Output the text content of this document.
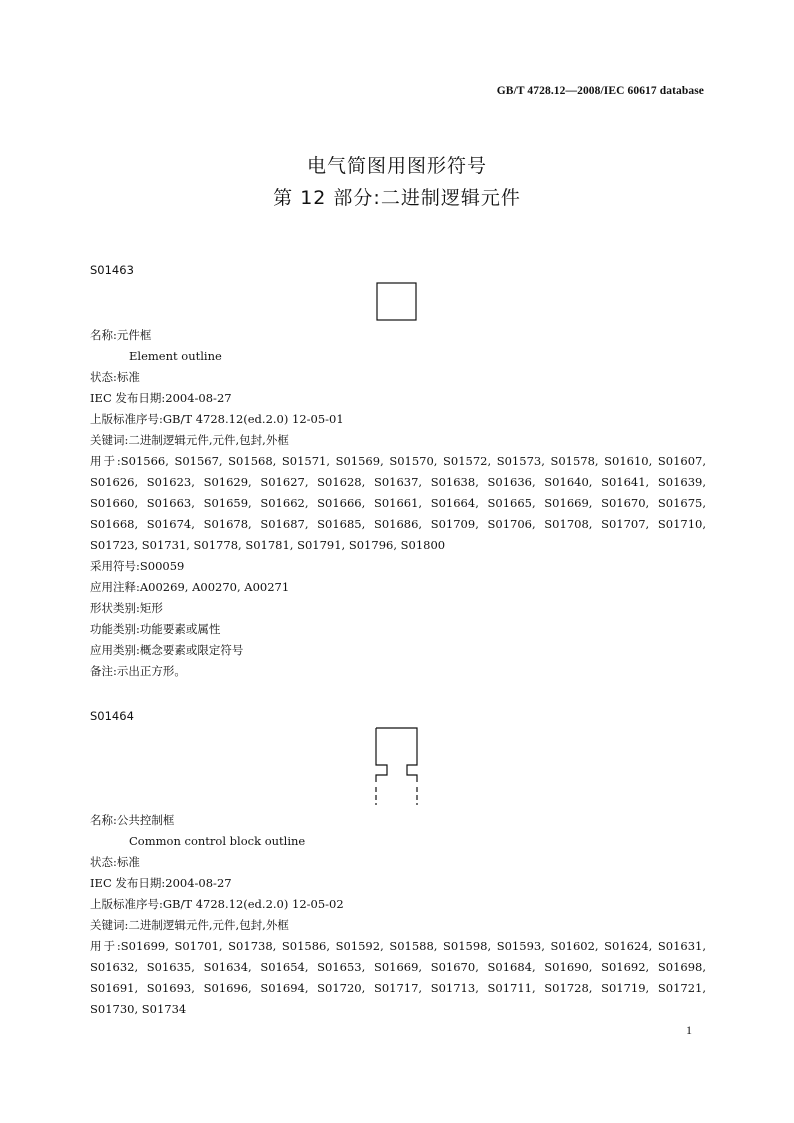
GB/T 4728.12—2008/IEC 60617 database
电气简图用图形符号
第 12 部分:二进制逻辑元件
S01463
名称:元件框
Element outline
状态:标准
IEC 发布日期:2004-08-27
上版标准序号:GB/T 4728.12(ed.2.0) 12-05-01
关键词:二进制逻辑元件,元件,包封,外框
用于:S01566, S01567, S01568, S01571, S01569, S01570, S01572, S01573, S01578, S01610, S01607, S01626, S01623, S01629, S01627, S01628, S01637, S01638, S01636, S01640, S01641, S01639, S01660, S01663, S01659, S01662, S01666, S01661, S01664, S01665, S01669, S01670, S01675, S01668, S01674, S01678, S01687, S01685, S01686, S01709, S01706, S01708, S01707, S01710, S01723, S01731, S01778, S01781, S01791, S01796, S01800
采用符号:S00059
应用注释:A00269, A00270, A00271
形状类别:矩形
功能类别:功能要素或属性
应用类别:概念要素或限定符号
备注:示出正方形。
S01464
名称:公共控制框
Common control block outline
状态:标准
IEC 发布日期:2004-08-27
上版标准序号:GB/T 4728.12(ed.2.0) 12-05-02
关键词:二进制逻辑元件,元件,包封,外框
用于:S01699, S01701, S01738, S01586, S01592, S01588, S01598, S01593, S01602, S01624, S01631, S01632, S01635, S01634, S01654, S01653, S01669, S01670, S01684, S01690, S01692, S01698, S01691, S01693, S01696, S01694, S01720, S01717, S01713, S01711, S01728, S01719, S01721, S01730, S01734
1
